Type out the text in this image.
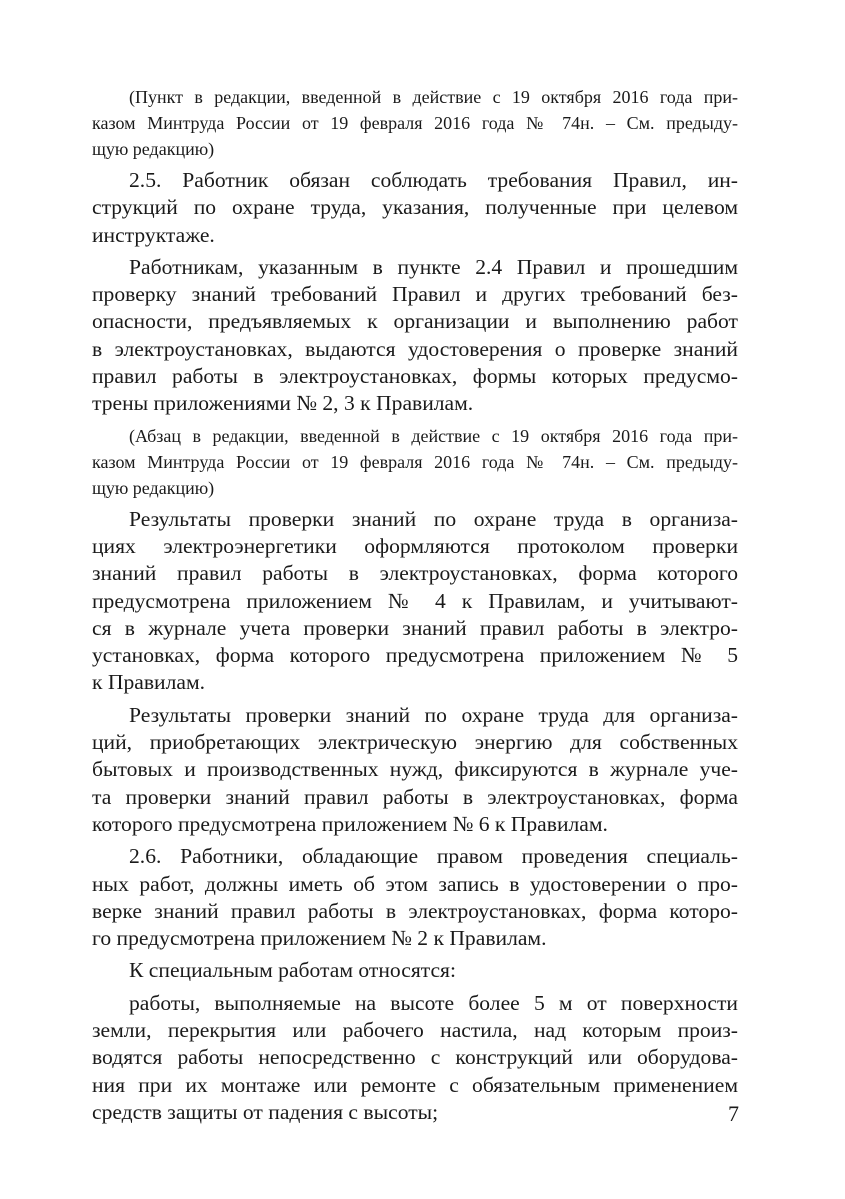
(Пункт в редакции, введенной в действие с 19 октября 2016 года при-
казом Минтруда России от 19 февраля 2016 года № 74н. – См. предыду-
щую редакцию)
2.5. Работник обязан соблюдать требования Правил, ин-
струкций по охране труда, указания, полученные при целевом
инструктаже.
Работникам, указанным в пункте 2.4 Правил и прошедшим
проверку знаний требований Правил и других требований без-
опасности, предъявляемых к организации и выполнению работ
в электроустановках, выдаются удостоверения о проверке знаний
правил работы в электроустановках, формы которых предусмо-
трены приложениями № 2, 3 к Правилам.
(Абзац в редакции, введенной в действие с 19 октября 2016 года при-
казом Минтруда России от 19 февраля 2016 года № 74н. – См. предыду-
щую редакцию)
Результаты проверки знаний по охране труда в организа-
циях электроэнергетики оформляются протоколом проверки
знаний правил работы в электроустановках, форма которого
предусмотрена приложением № 4 к Правилам, и учитывают-
ся в журнале учета проверки знаний правил работы в электро-
установках, форма которого предусмотрена приложением № 5
к Правилам.
Результаты проверки знаний по охране труда для организа-
ций, приобретающих электрическую энергию для собственных
бытовых и производственных нужд, фиксируются в журнале уче-
та проверки знаний правил работы в электроустановках, форма
которого предусмотрена приложением № 6 к Правилам.
2.6. Работники, обладающие правом проведения специаль-
ных работ, должны иметь об этом запись в удостоверении о про-
верке знаний правил работы в электроустановках, форма которо-
го предусмотрена приложением № 2 к Правилам.
К специальным работам относятся:
работы, выполняемые на высоте более 5 м от поверхности
земли, перекрытия или рабочего настила, над которым произ-
водятся работы непосредственно с конструкций или оборудова-
ния при их монтаже или ремонте с обязательным применением
средств защиты от падения с высоты;	7
